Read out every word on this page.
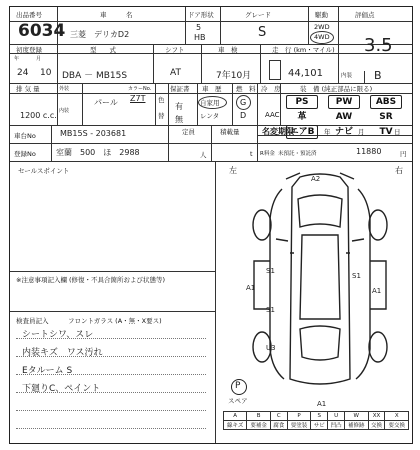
出品番号
6034
車　　　名
三菱　デリカD2
ドア形状
5
HB
グレード
S
駆動
2WD
4WD
評価点
3.5
初度登録	型　　式	シフト	車　検	走　行 (km・マイル)
年	月
24 10 DBA － MB15S	AT	7年10月	44,101	内装 B
排 気 量	外装
内装
カラーNo.
色
替
保証書 車　歴 燃　料 冷　房	装　備 (純正部品に限る)
1200 c.c.
パール Z7T
有
無
自家用
レンタ
G
D	AAC
PS	PW	ABS
革	AW	SR
エアB	ナビ	TV
車台No	MB15S - 203681	定員	積載量
人	t
名変期限	年	月	日
登録No	室蘭　500　ほ　2988	R料金 未預託・預託済	11880	円
セールスポイント
※注意事項記入欄 (修復・不具合箇所および状態等)
検査員記入	フロントガラス (A・無・X要ス)
シートシワ、スレ
内装キズ　ワス汚れ
Eタルーム S
下廻りC、ペイント
左	右
A2
A1
S1
S1
A1
U3
S1
A1
P
スペア
A	B	C	P	S	U	W	XX	X
線キズ	要補金	腐食	要塗装	サビ	凹凸	補修跡	交換	要交換
